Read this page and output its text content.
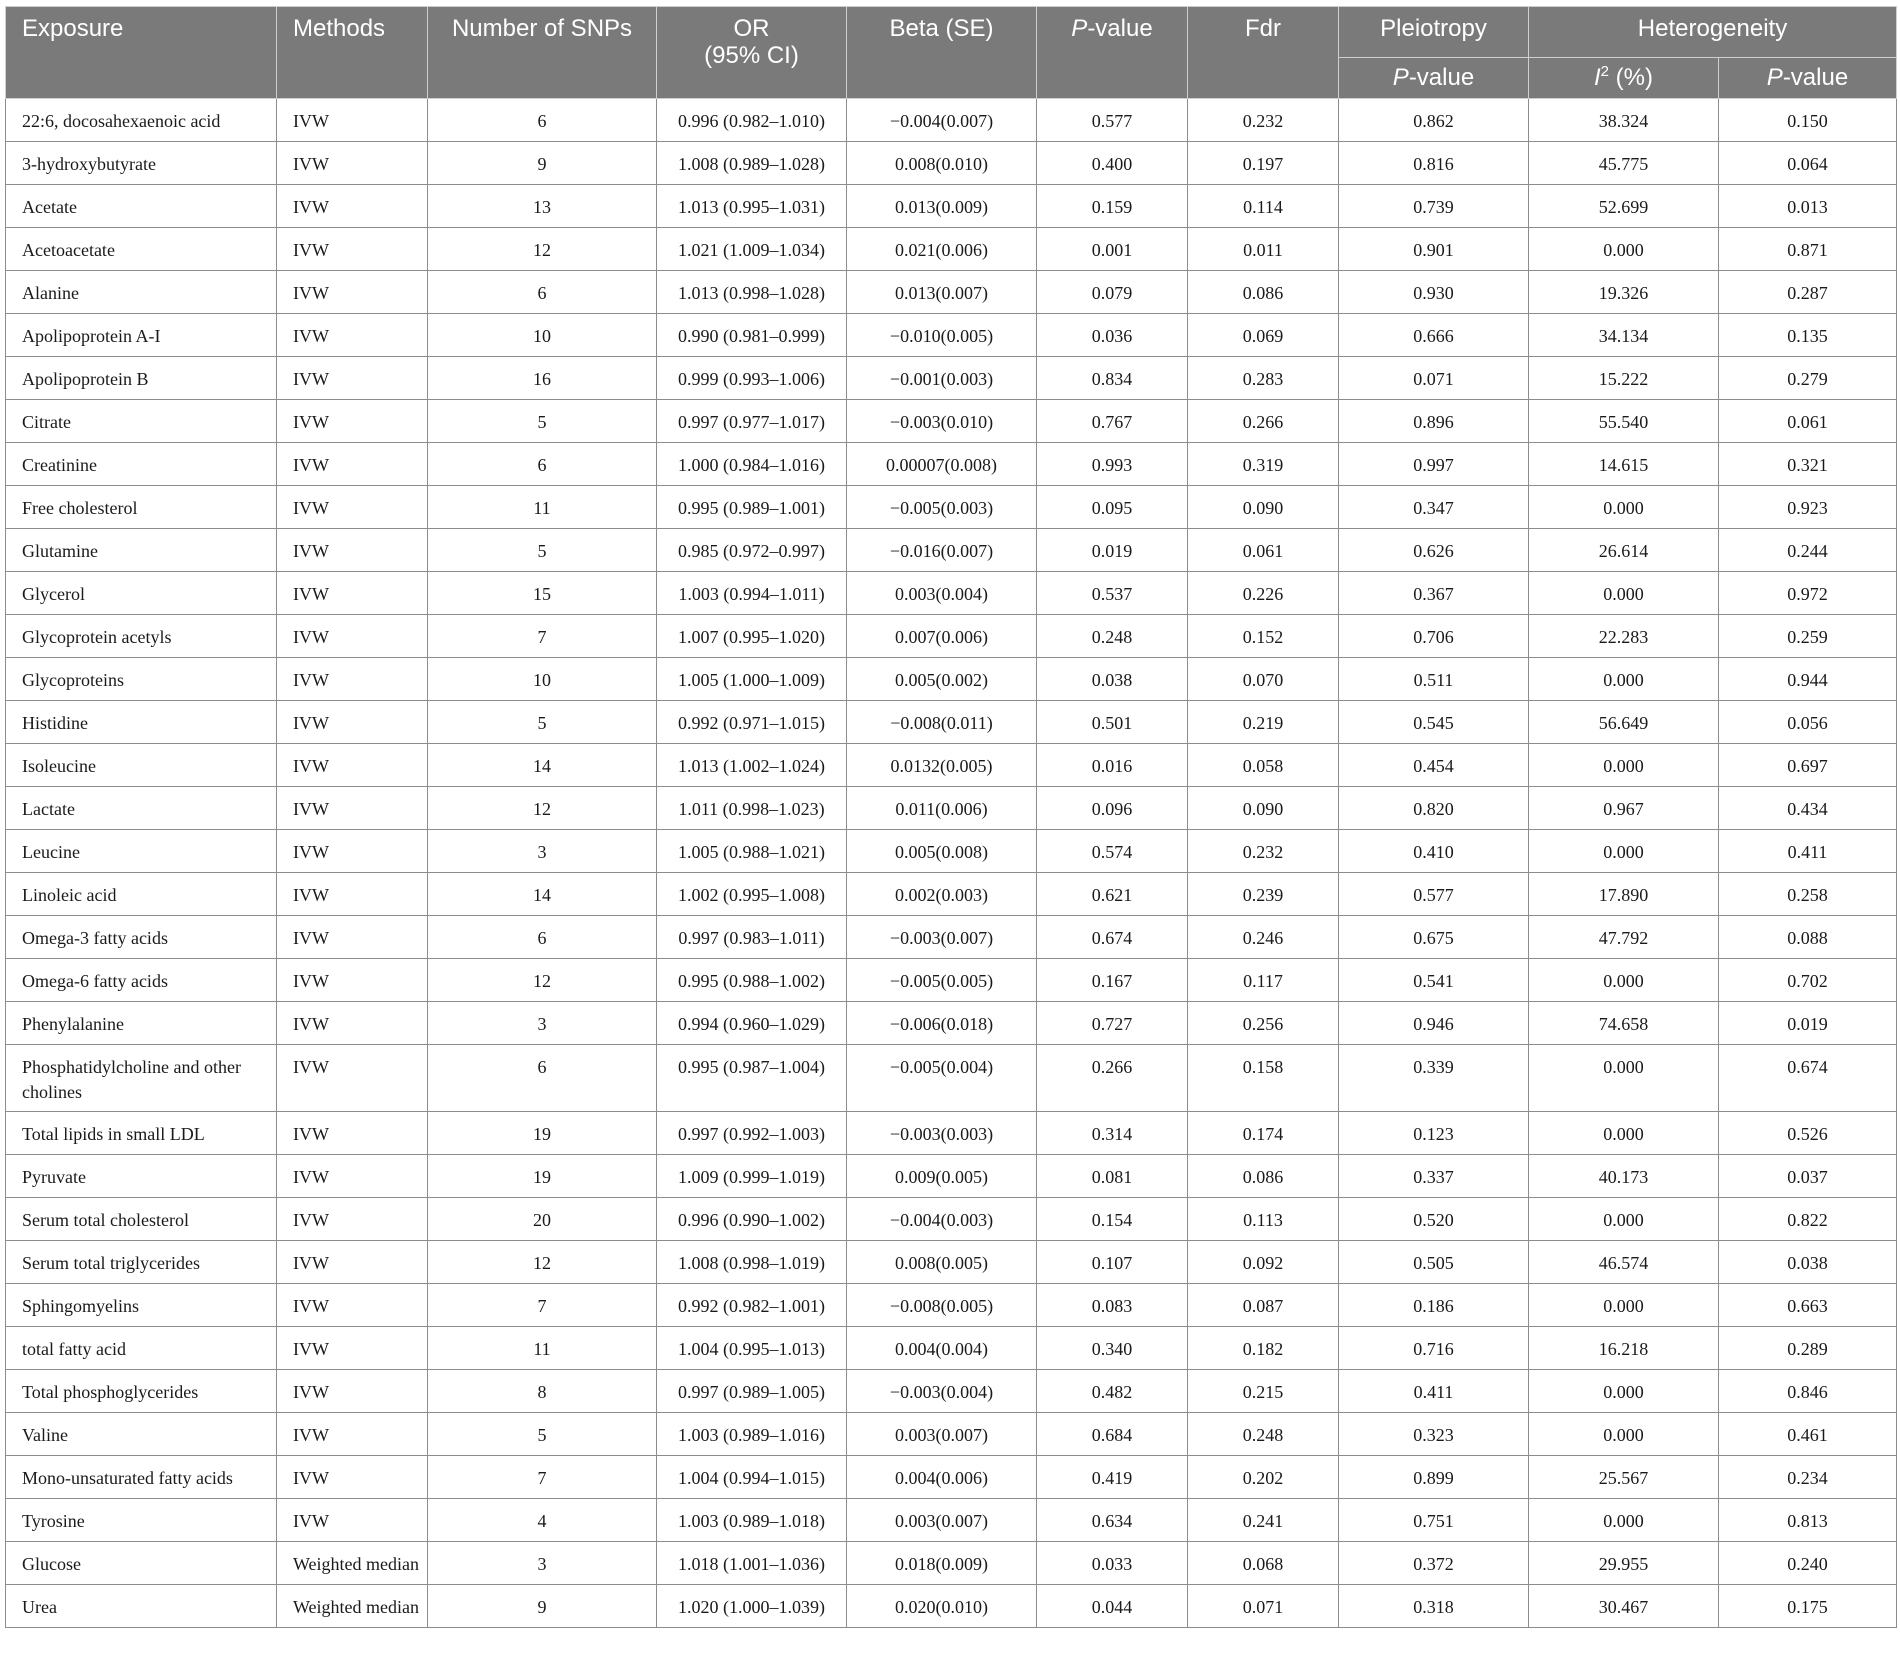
Exposure	Methods	Number of SNPs	OR
(95% CI)	Beta (SE)	P-value	Fdr	Pleiotropy	Heterogeneity	
							P-value	$I^2$ (%)	P-value
22:6, docosahexaenoic acid	IVW	6	0.996 (0.982–1.010)	−0.004(0.007)	0.577	0.232	0.862	38.324	0.150
3-hydroxybutyrate	IVW	9	1.008 (0.989–1.028)	0.008(0.010)	0.400	0.197	0.816	45.775	0.064
Acetate	IVW	13	1.013 (0.995–1.031)	0.013(0.009)	0.159	0.114	0.739	52.699	0.013
Acetoacetate	IVW	12	1.021 (1.009–1.034)	0.021(0.006)	0.001	0.011	0.901	0.000	0.871
Alanine	IVW	6	1.013 (0.998–1.028)	0.013(0.007)	0.079	0.086	0.930	19.326	0.287
Apolipoprotein A-I	IVW	10	0.990 (0.981–0.999)	−0.010(0.005)	0.036	0.069	0.666	34.134	0.135
Apolipoprotein B	IVW	16	0.999 (0.993–1.006)	−0.001(0.003)	0.834	0.283	0.071	15.222	0.279
Citrate	IVW	5	0.997 (0.977–1.017)	−0.003(0.010)	0.767	0.266	0.896	55.540	0.061
Creatinine	IVW	6	1.000 (0.984–1.016)	0.00007(0.008)	0.993	0.319	0.997	14.615	0.321
Free cholesterol	IVW	11	0.995 (0.989–1.001)	−0.005(0.003)	0.095	0.090	0.347	0.000	0.923
Glutamine	IVW	5	0.985 (0.972–0.997)	−0.016(0.007)	0.019	0.061	0.626	26.614	0.244
Glycerol	IVW	15	1.003 (0.994–1.011)	0.003(0.004)	0.537	0.226	0.367	0.000	0.972
Glycoprotein acetyls	IVW	7	1.007 (0.995–1.020)	0.007(0.006)	0.248	0.152	0.706	22.283	0.259
Glycoproteins	IVW	10	1.005 (1.000–1.009)	0.005(0.002)	0.038	0.070	0.511	0.000	0.944
Histidine	IVW	5	0.992 (0.971–1.015)	−0.008(0.011)	0.501	0.219	0.545	56.649	0.056
Isoleucine	IVW	14	1.013 (1.002–1.024)	0.0132(0.005)	0.016	0.058	0.454	0.000	0.697
Lactate	IVW	12	1.011 (0.998–1.023)	0.011(0.006)	0.096	0.090	0.820	0.967	0.434
Leucine	IVW	3	1.005 (0.988–1.021)	0.005(0.008)	0.574	0.232	0.410	0.000	0.411
Linoleic acid	IVW	14	1.002 (0.995–1.008)	0.002(0.003)	0.621	0.239	0.577	17.890	0.258
Omega-3 fatty acids	IVW	6	0.997 (0.983–1.011)	−0.003(0.007)	0.674	0.246	0.675	47.792	0.088
Omega-6 fatty acids	IVW	12	0.995 (0.988–1.002)	−0.005(0.005)	0.167	0.117	0.541	0.000	0.702
Phenylalanine	IVW	3	0.994 (0.960–1.029)	−0.006(0.018)	0.727	0.256	0.946	74.658	0.019
Phosphatidylcholine and other cholines	IVW	6	0.995 (0.987–1.004)	−0.005(0.004)	0.266	0.158	0.339	0.000	0.674
Total lipids in small LDL	IVW	19	0.997 (0.992–1.003)	−0.003(0.003)	0.314	0.174	0.123	0.000	0.526
Pyruvate	IVW	19	1.009 (0.999–1.019)	0.009(0.005)	0.081	0.086	0.337	40.173	0.037
Serum total cholesterol	IVW	20	0.996 (0.990–1.002)	−0.004(0.003)	0.154	0.113	0.520	0.000	0.822
Serum total triglycerides	IVW	12	1.008 (0.998–1.019)	0.008(0.005)	0.107	0.092	0.505	46.574	0.038
Sphingomyelins	IVW	7	0.992 (0.982–1.001)	−0.008(0.005)	0.083	0.087	0.186	0.000	0.663
total fatty acid	IVW	11	1.004 (0.995–1.013)	0.004(0.004)	0.340	0.182	0.716	16.218	0.289
Total phosphoglycerides	IVW	8	0.997 (0.989–1.005)	−0.003(0.004)	0.482	0.215	0.411	0.000	0.846
Valine	IVW	5	1.003 (0.989–1.016)	0.003(0.007)	0.684	0.248	0.323	0.000	0.461
Mono-unsaturated fatty acids	IVW	7	1.004 (0.994–1.015)	0.004(0.006)	0.419	0.202	0.899	25.567	0.234
Tyrosine	IVW	4	1.003 (0.989–1.018)	0.003(0.007)	0.634	0.241	0.751	0.000	0.813
Glucose	Weighted median	3	1.018 (1.001–1.036)	0.018(0.009)	0.033	0.068	0.372	29.955	0.240
Urea	Weighted median	9	1.020 (1.000–1.039)	0.020(0.010)	0.044	0.071	0.318	30.467	0.175
